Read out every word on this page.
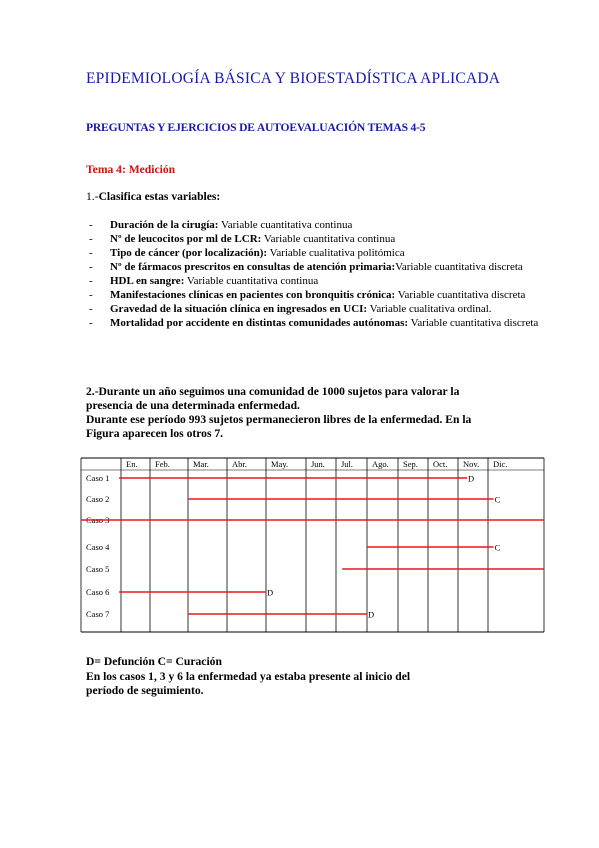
EPIDEMIOLOGÍA BÁSICA Y BIOESTADÍSTICA APLICADA
PREGUNTAS Y EJERCICIOS DE AUTOEVALUACIÓN TEMAS 4-5
Tema 4: Medición
1.-Clasifica estas variables:
- Duración de la cirugía: Variable cuantitativa continua
- Nº de leucocitos por ml de LCR: Variable cuantitativa continua
- Tipo de cáncer (por localización): Variable cualitativa politómica
- Nº de fármacos prescritos en consultas de atención primaria:Variable cuantitativa discreta
- HDL en sangre: Variable cuantitativa continua
- Manifestaciones clínicas en pacientes con bronquitis crónica: Variable cuantitativa discreta
- Gravedad de la situación clínica en ingresados en UCI: Variable cualitativa ordinal.
- Mortalidad por accidente en distintas comunidades autónomas: Variable cuantitativa discreta
2.-Durante un año seguimos una comunidad de 1000 sujetos para valorar la
presencia de una determinada enfermedad.
Durante ese período 993 sujetos permanecieron libres de la enfermedad. En la
Figura aparecen los otros 7.
En. Feb.	Mar.	Abr.	May.	Jun. Jul. Ago. Sep. Oct. Nov. Dic.
Caso 1	D
Caso 2	C
Caso 3
Caso 4	C
Caso 5
Caso 6	D
Caso 7	D
D= Defunción C= Curación
En los casos 1, 3 y 6 la enfermedad ya estaba presente al inicio del
período de seguimiento.
